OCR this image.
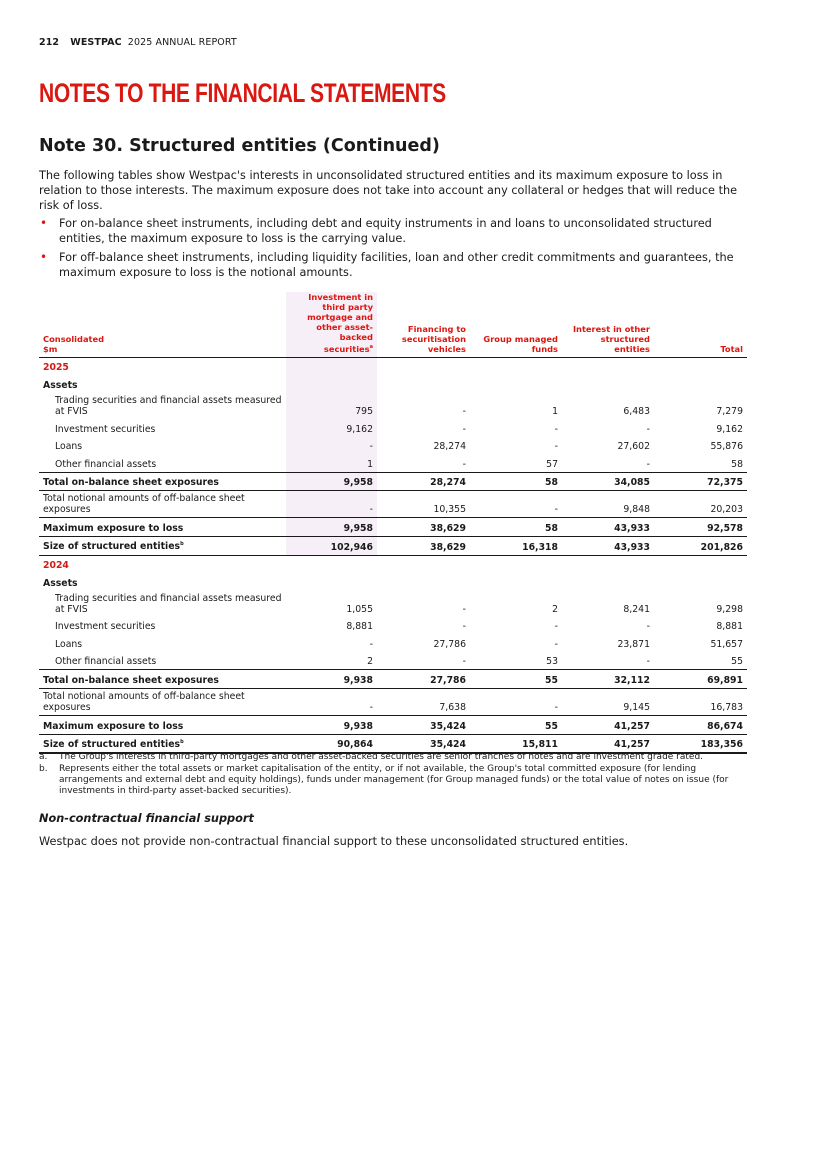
212 WESTPAC 2025 ANNUAL REPORT
NOTES TO THE FINANCIAL STATEMENTS
Note 30. Structured entities (Continued)
The following tables show Westpac's interests in unconsolidated structured entities and its maximum exposure to loss in relation to those interests. The maximum exposure does not take into account any collateral or hedges that will reduce the risk of loss.
• For on-balance sheet instruments, including debt and equity instruments in and loans to unconsolidated structured entities, the maximum exposure to loss is the carrying value.
• For off-balance sheet instruments, including liquidity facilities, loan and other credit commitments and guarantees, the maximum exposure to loss is the notional amounts.
Consolidated
$m	Investment in third party mortgage and other asset-backed securities$^a$	Financing to securitisation vehicles	Group managed funds	Interest in other structured entities	Total
2025					
Assets					
Trading securities and financial assets measured at FVIS	795	-	1	6,483	7,279
Investment securities	9,162	-	-	-	9,162
Loans	-	28,274	-	27,602	55,876
Other financial assets	1	-	57	-	58
Total on-balance sheet exposures	9,958	28,274	58	34,085	72,375
Total notional amounts of off-balance sheet exposures	-	10,355	-	9,848	20,203
Maximum exposure to loss	9,958	38,629	58	43,933	92,578
Size of structured entities$^b$	102,946	38,629	16,318	43,933	201,826
2024					
Assets					
Trading securities and financial assets measured at FVIS	1,055	-	2	8,241	9,298
Investment securities	8,881	-	-	-	8,881
Loans	-	27,786	-	23,871	51,657
Other financial assets	2	-	53	-	55
Total on-balance sheet exposures	9,938	27,786	55	32,112	69,891
Total notional amounts of off-balance sheet exposures	-	7,638	-	9,145	16,783
Maximum exposure to loss	9,938	35,424	55	41,257	86,674
Size of structured entities$^b$	90,864	35,424	15,811	41,257	183,356
a. The Group's interests in third-party mortgages and other asset-backed securities are senior tranches of notes and are investment grade rated.
b. Represents either the total assets or market capitalisation of the entity, or if not available, the Group's total committed exposure (for lending arrangements and external debt and equity holdings), funds under management (for Group managed funds) or the total value of notes on issue (for investments in third-party asset-backed securities).
Non-contractual financial support
Westpac does not provide non-contractual financial support to these unconsolidated structured entities.
